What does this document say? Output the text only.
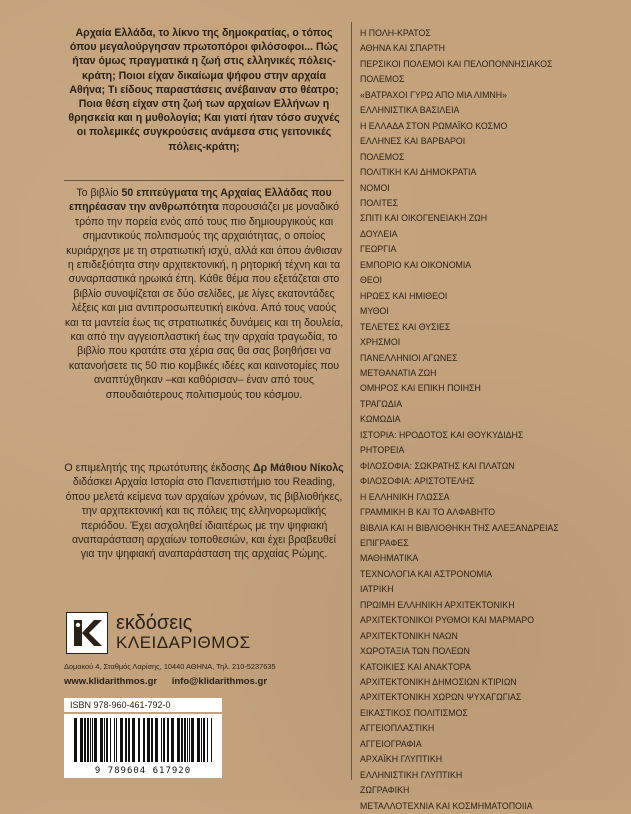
Αρχαία Ελλάδα, το λίκνο της δημοκρατίας, ο τόπος όπου μεγαλούργησαν πρωτοπόροι φιλόσοφοι... Πώς ήταν όμως πραγματικά η ζωή στις ελληνικές πόλεις-κράτη; Ποιοι είχαν δικαίωμα ψήφου στην αρχαία Αθήνα; Τι είδους παραστάσεις ανέβαιναν στο θέατρο; Ποια θέση είχαν στη ζωή των αρχαίων Ελλήνων η θρησκεία και η μυθολογία; Και γιατί ήταν τόσο συχνές οι πολεμικές συγκρούσεις ανάμεσα στις γειτονικές πόλεις-κράτη;
Το βιβλίο 50 επιτεύγματα της Αρχαίας Ελλάδας που επηρέασαν την ανθρωπότητα παρουσιάζει με μοναδικό τρόπο την πορεία ενός από τους πιο δημιουργικούς και σημαντικούς πολιτισμούς της αρχαιότητας, ο οποίος κυριάρχησε με τη στρατιωτική ισχύ, αλλά και όπου άνθισαν η επιδεξιότητα στην αρχιτεκτονική, η ρητορική τέχνη και τα συναρπαστικά ηρωικά έπη. Κάθε θέμα που εξετάζεται στο βιβλίο συνοψίζεται σε δύο σελίδες, με λίγες εκατοντάδες λέξεις και μια αντιπροσωπευτική εικόνα. Από τους ναούς και τα μαντεία έως τις στρατιωτικές δυνάμεις και τη δουλεία, και από την αγγειοπλαστική έως την αρχαία τραγωδία, το βιβλίο που κρατάτε στα χέρια σας θα σας βοηθήσει να κατανοήσετε τις 50 πιο κομβικές ιδέες και καινοτομίες που αναπτύχθηκαν –και καθόρισαν– έναν από τους σπουδαιότερους πολιτισμούς του κόσμου.
Ο επιμελητής της πρωτότυπης έκδοσης Δρ Μάθιου Νίκολς διδάσκει Αρχαία Ιστορία στο Πανεπιστήμιο του Reading, όπου μελετά κείμενα των αρχαίων χρόνων, τις βιβλιοθήκες, την αρχιτεκτονική και τις πόλεις της ελληνορωμαϊκής περιόδου. Έχει ασχοληθεί ιδιαιτέρως με την ψηφιακή αναπαράσταση αρχαίων τοποθεσιών, και έχει βραβευθεί για την ψηφιακή αναπαράσταση της αρχαίας Ρώμης.
εκδόσεις
ΚΛΕΙΔΑΡΙΘΜΟΣ
Δομοκού 4, Σταθμός Λαρίσης, 10440 ΑΘΗΝΑ, Τηλ. 210-5237635
www.klidarithmos.gr info@klidarithmos.gr
ISBN 978-960-461-792-0
9 789604 617920
Η ΠΟΛΗ-ΚΡΑΤΟΣ
ΑΘΗΝΑ ΚΑΙ ΣΠΑΡΤΗ
ΠΕΡΣΙΚΟΙ ΠΟΛΕΜΟΙ ΚΑΙ ΠΕΛΟΠΟΝΝΗΣΙΑΚΟΣ
ΠΟΛΕΜΟΣ
«ΒΑΤΡΑΧΟΙ ΓΥΡΩ ΑΠΟ ΜΙΑ ΛΙΜΝΗ»
ΕΛΛΗΝΙΣΤΙΚΑ ΒΑΣΙΛΕΙΑ
Η ΕΛΛΑΔΑ ΣΤΟΝ ΡΩΜΑΪΚΟ ΚΟΣΜΟ
ΕΛΛΗΝΕΣ ΚΑΙ ΒΑΡΒΑΡΟΙ
ΠΟΛΕΜΟΣ
ΠΟΛΙΤΙΚΗ ΚΑΙ ΔΗΜΟΚΡΑΤΙΑ
ΝΟΜΟΙ
ΠΟΛΙΤΕΣ
ΣΠΙΤΙ ΚΑΙ ΟΙΚΟΓΕΝΕΙΑΚΗ ΖΩΗ
ΔΟΥΛΕΙΑ
ΓΕΩΡΓΙΑ
ΕΜΠΟΡΙΟ ΚΑΙ ΟΙΚΟΝΟΜΙΑ
ΘΕΟΙ
ΗΡΩΕΣ ΚΑΙ ΗΜΙΘΕΟΙ
ΜΥΘΟΙ
ΤΕΛΕΤΕΣ ΚΑΙ ΘΥΣΙΕΣ
ΧΡΗΣΜΟΙ
ΠΑΝΕΛΛΗΝΙΟΙ ΑΓΩΝΕΣ
ΜΕΤΘΑΝΑΤΙΑ ΖΩΗ
ΟΜΗΡΟΣ ΚΑΙ ΕΠΙΚΗ ΠΟΙΗΣΗ
ΤΡΑΓΩΔΙΑ
ΚΩΜΩΔΙΑ
ΙΣΤΟΡΙΑ: ΗΡΟΔΟΤΟΣ ΚΑΙ ΘΟΥΚΥΔΙΔΗΣ
ΡΗΤΟΡΕΙΑ
ΦΙΛΟΣΟΦΙΑ: ΣΩΚΡΑΤΗΣ ΚΑΙ ΠΛΑΤΩΝ
ΦΙΛΟΣΟΦΙΑ: ΑΡΙΣΤΟΤΕΛΗΣ
Η ΕΛΛΗΝΙΚΗ ΓΛΩΣΣΑ
ΓΡΑΜΜΙΚΗ Β ΚΑΙ ΤΟ ΑΛΦΑΒΗΤΟ
ΒΙΒΛΙΑ ΚΑΙ Η ΒΙΒΛΙΟΘΗΚΗ ΤΗΣ ΑΛΕΞΑΝΔΡΕΙΑΣ
ΕΠΙΓΡΑΦΕΣ
ΜΑΘΗΜΑΤΙΚΑ
ΤΕΧΝΟΛΟΓΙΑ ΚΑΙ ΑΣΤΡΟΝΟΜΙΑ
ΙΑΤΡΙΚΗ
ΠΡΩΙΜΗ ΕΛΛΗΝΙΚΗ ΑΡΧΙΤΕΚΤΟΝΙΚΗ
ΑΡΧΙΤΕΚΤΟΝΙΚΟΙ ΡΥΘΜΟΙ ΚΑΙ ΜΑΡΜΑΡΟ
ΑΡΧΙΤΕΚΤΟΝΙΚΗ ΝΑΩΝ
ΧΩΡΟΤΑΞΙΑ ΤΩΝ ΠΟΛΕΩΝ
ΚΑΤΟΙΚΙΕΣ ΚΑΙ ΑΝΑΚΤΟΡΑ
ΑΡΧΙΤΕΚΤΟΝΙΚΗ ΔΗΜΟΣΙΩΝ ΚΤΙΡΙΩΝ
ΑΡΧΙΤΕΚΤΟΝΙΚΗ ΧΩΡΩΝ ΨΥΧΑΓΩΓΙΑΣ
ΕΙΚΑΣΤΙΚΟΣ ΠΟΛΙΤΙΣΜΟΣ
ΑΓΓΕΙΟΠΛΑΣΤΙΚΗ
ΑΓΓΕΙΟΓΡΑΦΙΑ
ΑΡΧΑΪΚΗ ΓΛΥΠΤΙΚΗ
ΕΛΛΗΝΙΣΤΙΚΗ ΓΛΥΠΤΙΚΗ
ΖΩΓΡΑΦΙΚΗ
ΜΕΤΑΛΛΟΤΕΧΝΙΑ ΚΑΙ ΚΟΣΜΗΜΑΤΟΠΟΙΙΑ
